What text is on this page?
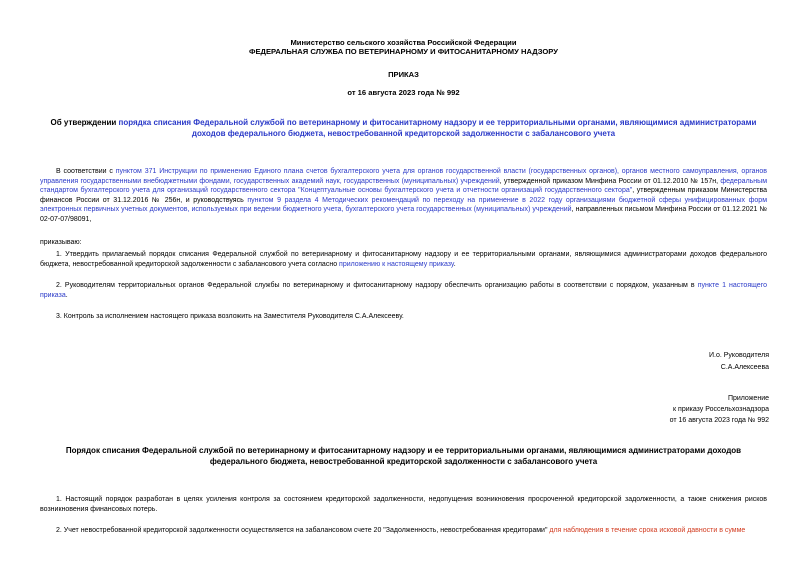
Министерство сельского хозяйства Российской Федерации
ФЕДЕРАЛЬНАЯ СЛУЖБА ПО ВЕТЕРИНАРНОМУ И ФИТОСАНИТАРНОМУ НАДЗОРУ
ПРИКАЗ
от 16 августа 2023 года № 992
Об утверждении порядка списания Федеральной службой по ветеринарному и фитосанитарному надзору и ее территориальными органами, являющимися администраторами доходов федерального бюджета, невостребованной кредиторской задолженности с забалансового учета
В соответствии с пунктом 371 Инструкции по применению Единого плана счетов бухгалтерского учета для органов государственной власти (государственных органов), органов местного самоуправления, органов управления государственными внебюджетными фондами, государственных академий наук, государственных (муниципальных) учреждений, утвержденной приказом Минфина России от 01.12.2010 № 157н, федеральным стандартом бухгалтерского учета для организаций государственного сектора "Концептуальные основы бухгалтерского учета и отчетности организаций государственного сектора", утвержденным приказом Министерства финансов России от 31.12.2016 № 256н, и руководствуясь пунктом 9 раздела 4 Методических рекомендаций по переходу на применение в 2022 году организациями бюджетной сферы унифицированных форм электронных первичных учетных документов, используемых при ведении бюджетного учета, бухгалтерского учета государственных (муниципальных) учреждений, направленных письмом Минфина России от 01.12.2021 № 02-07-07/98091,
приказываю:
1. Утвердить прилагаемый порядок списания Федеральной службой по ветеринарному и фитосанитарному надзору и ее территориальными органами, являющимися администраторами доходов федерального бюджета, невостребованной кредиторской задолженности с забалансового учета согласно приложению к настоящему приказу.
2. Руководителям территориальных органов Федеральной службы по ветеринарному и фитосанитарному надзору обеспечить организацию работы в соответствии с порядком, указанным в пункте 1 настоящего приказа.
3. Контроль за исполнением настоящего приказа возложить на Заместителя Руководителя С.А.Алексееву.
И.о. Руководителя
С.А.Алексеева
Приложение
к приказу Россельхознадзора
от 16 августа 2023 года № 992
Порядок списания Федеральной службой по ветеринарному и фитосанитарному надзору и ее территориальными органами, являющимися администраторами доходов федерального бюджета, невостребованной кредиторской задолженности с забалансового учета
1. Настоящий порядок разработан в целях усиления контроля за состоянием кредиторской задолженности, недопущения возникновения просроченной кредиторской задолженности, а также снижения рисков возникновения финансовых потерь.
2. Учет невостребованной кредиторской задолженности осуществляется на забалансовом счете 20 "Задолженность, невостребованная кредиторами" для наблюдения в течение срока исковой давности в сумме
